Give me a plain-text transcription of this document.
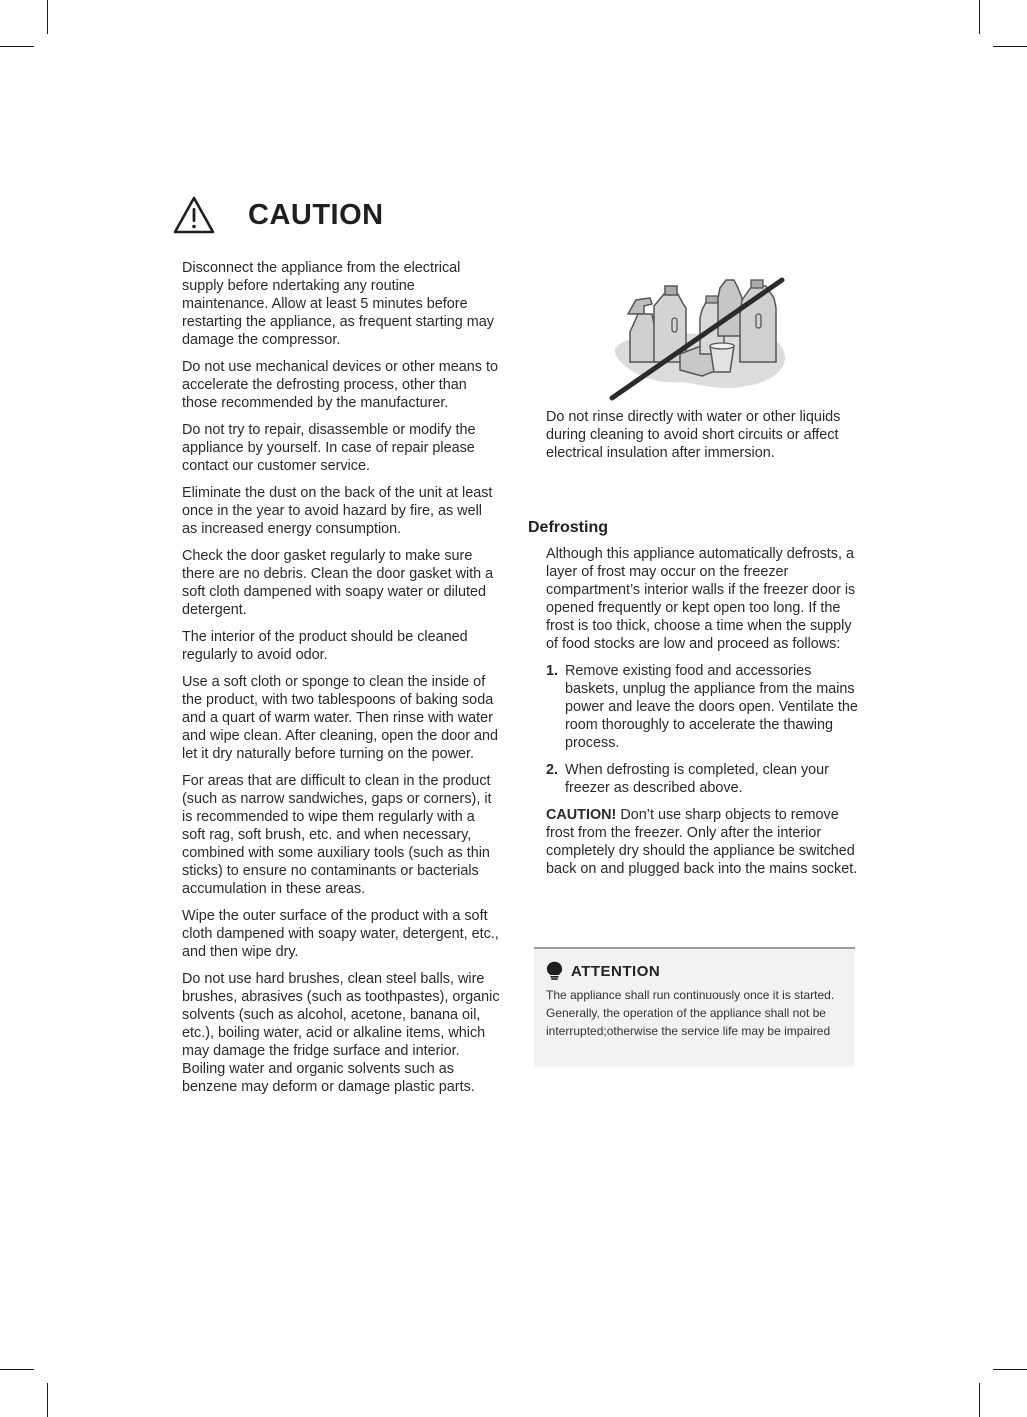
CAUTION

Disconnect the appliance from the electrical supply before ndertaking any routine maintenance. Allow at least 5 minutes before restarting the appliance, as frequent starting may damage the compressor.

Do not use mechanical devices or other means to accelerate the defrosting process, other than those recommended by the manufacturer.

Do not try to repair, disassemble or modify the appliance by yourself. In case of repair please contact our customer service.

Eliminate the dust on the back of the unit at least once in the year to avoid hazard by fire, as well as increased energy consumption.

Check the door gasket regularly to make sure there are no debris. Clean the door gasket with a soft cloth dampened with soapy water or diluted detergent.

The interior of the product should be cleaned regularly to avoid odor.

Use a soft cloth or sponge to clean the inside of the product, with two tablespoons of baking soda and a quart of warm water. Then rinse with water and wipe clean. After cleaning, open the door and let it dry naturally before turning on the power.

For areas that are difficult to clean in the product (such as narrow sandwiches, gaps or corners), it is recommended to wipe them regularly with a soft rag, soft brush, etc. and when necessary, combined with some auxiliary tools (such as thin sticks) to ensure no contaminants or bacterials accumulation in these areas.

Wipe the outer surface of the product with a soft cloth dampened with soapy water, detergent, etc., and then wipe dry.

Do not use hard brushes, clean steel balls, wire brushes, abrasives (such as toothpastes), organic solvents (such as alcohol, acetone, banana oil, etc.), boiling water, acid or alkaline items, which may damage the fridge surface and interior. Boiling water and organic solvents such as benzene may deform or damage plastic parts.

Do not rinse directly with water or other liquids during cleaning to avoid short circuits or affect electrical insulation after immersion.

Defrosting

Although this appliance automatically defrosts, a layer of frost may occur on the freezer compartment’s interior walls if the freezer door is opened frequently or kept open too long. If the frost is too thick, choose a time when the supply of food stocks are low and proceed as follows:

1. Remove existing food and accessories baskets, unplug the appliance from the mains power and leave the doors open. Ventilate the room thoroughly to accelerate the thawing process.
2. When defrosting is completed, clean your freezer as described above.

CAUTION! Don’t use sharp objects to remove frost from the freezer. Only after the interior completely dry should the appliance be switched back on and plugged back into the mains socket.

ATTENTION

The appliance shall run continuously once it is started. Generally, the operation of the appliance shall not be interrupted;otherwise the service life may be impaired
